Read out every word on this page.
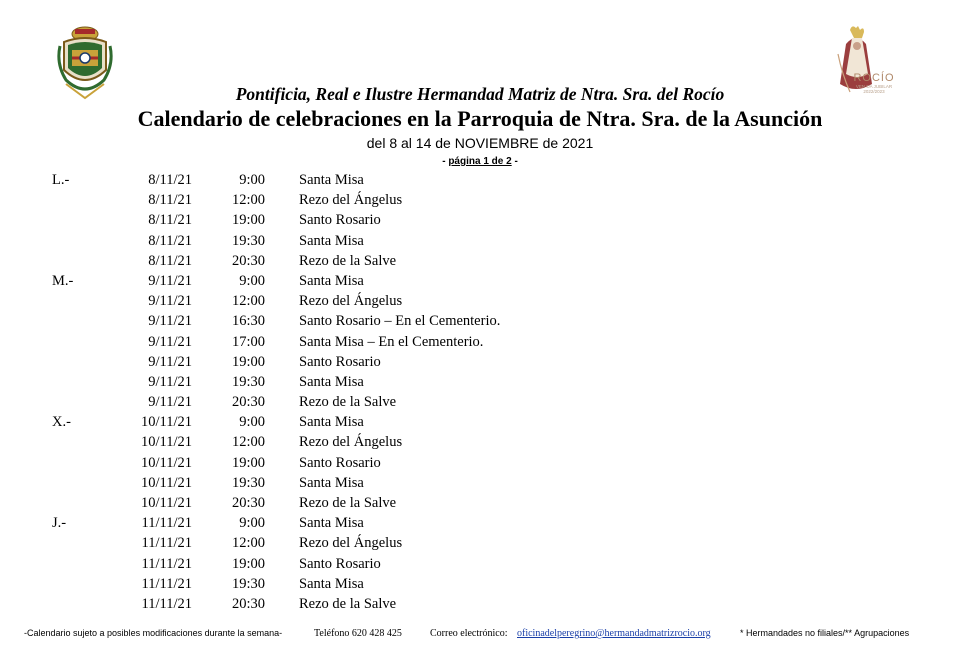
ROCÍO
VEN DA JUBILAR
2022/2023
Pontificia, Real e Ilustre Hermandad Matriz de Ntra. Sra. del Rocío
Calendario de celebraciones en la Parroquia de Ntra. Sra. de la Asunción
del 8 al 14 de NOVIEMBRE de 2021
- página 1 de 2 -
L.-	8/11/21	9:00 Santa Misa
8/11/21	12:00 Rezo del Ángelus
8/11/21	19:00 Santo Rosario
8/11/21	19:30 Santa Misa
8/11/21	20:30 Rezo de la Salve
M.-	9/11/21	9:00 Santa Misa
9/11/21	12:00 Rezo del Ángelus
9/11/21	16:30 Santo Rosario – En el Cementerio.
9/11/21	17:00 Santa Misa – En el Cementerio.
9/11/21	19:00 Santo Rosario
9/11/21	19:30 Santa Misa
9/11/21	20:30 Rezo de la Salve
X.-	10/11/21	9:00 Santa Misa
10/11/21	12:00 Rezo del Ángelus
10/11/21	19:00 Santo Rosario
10/11/21	19:30 Santa Misa
10/11/21	20:30 Rezo de la Salve
J.-	11/11/21	9:00 Santa Misa
11/11/21	12:00 Rezo del Ángelus
11/11/21	19:00 Santo Rosario
11/11/21	19:30 Santa Misa
11/11/21	20:30 Rezo de la Salve
-Calendario sujeto a posibles modificaciones durante la semana-	Teléfono 620 428 425	Correo electrónico: oficinadelperegrino@hermandadmatrizrocio.org	* Hermandades no filiales/** Agrupaciones
